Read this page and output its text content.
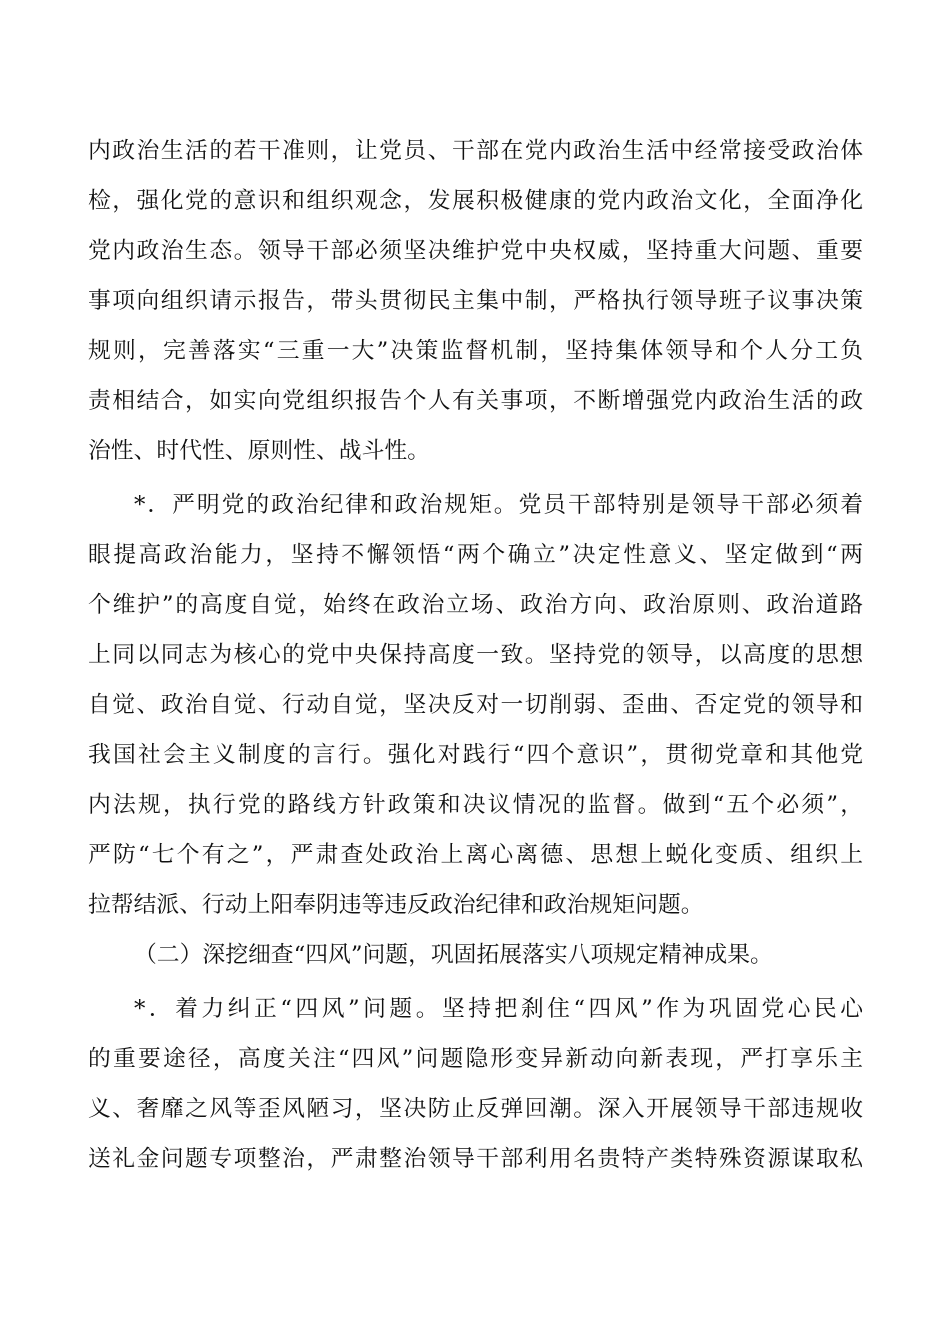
内政治生活的若干准则，让党员、干部在党内政治生活中经常接受政治体
检，强化党的意识和组织观念，发展积极健康的党内政治文化，全面净化
党内政治生态。领导干部必须坚决维护党中央权威，坚持重大问题、重要
事项向组织请示报告，带头贯彻民主集中制，严格执行领导班子议事决策
规则，完善落实“三重一大”决策监督机制，坚持集体领导和个人分工负
责相结合，如实向党组织报告个人有关事项，不断增强党内政治生活的政
治性、时代性、原则性、战斗性。
*．严明党的政治纪律和政治规矩。党员干部特别是领导干部必须着
眼提高政治能力，坚持不懈领悟“两个确立”决定性意义、坚定做到“两
个维护”的高度自觉，始终在政治立场、政治方向、政治原则、政治道路
上同以同志为核心的党中央保持高度一致。坚持党的领导，以高度的思想
自觉、政治自觉、行动自觉，坚决反对一切削弱、歪曲、否定党的领导和
我国社会主义制度的言行。强化对践行“四个意识”，贯彻党章和其他党
内法规，执行党的路线方针政策和决议情况的监督。做到“五个必须”，
严防“七个有之”，严肃查处政治上离心离德、思想上蜕化变质、组织上
拉帮结派、行动上阳奉阴违等违反政治纪律和政治规矩问题。
（二）深挖细查“四风”问题，巩固拓展落实八项规定精神成果。
*．着力纠正“四风”问题。坚持把刹住“四风”作为巩固党心民心
的重要途径，高度关注“四风”问题隐形变异新动向新表现，严打享乐主
义、奢靡之风等歪风陋习，坚决防止反弹回潮。深入开展领导干部违规收
送礼金问题专项整治，严肃整治领导干部利用名贵特产类特殊资源谋取私
